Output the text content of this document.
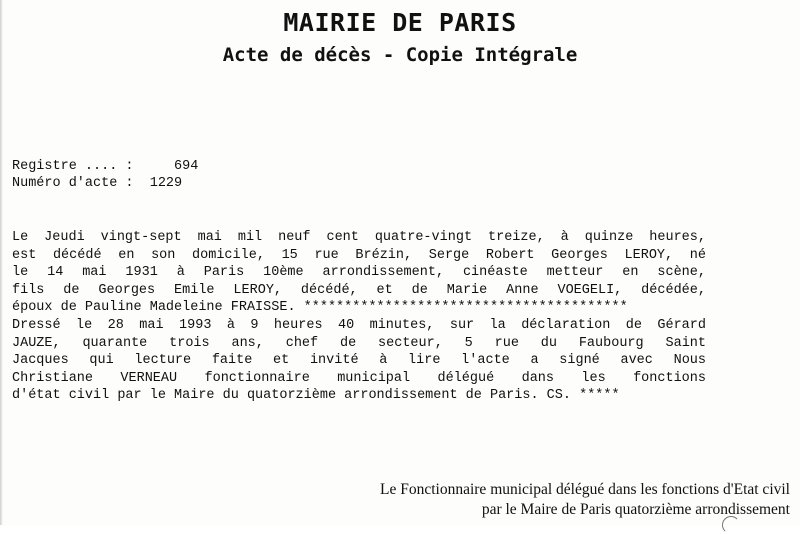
MAIRIE DE PARIS
Acte de décès - Copie Intégrale
Registre .... :	694
Numéro d'acte : 1229
Le Jeudi vingt-sept mai mil neuf cent quatre-vingt treize, à quinze heures,
est décédé en son domicile, 15 rue Brézin, Serge Robert Georges LEROY, né
le 14 mai 1931 à Paris 10ème arrondissement, cinéaste metteur en scène,
fils de Georges Emile LEROY, décédé, et de Marie Anne VOEGELI, décédée,
époux de Pauline Madeleine FRAISSE. ****************************************
Dressé le 28 mai 1993 à 9 heures 40 minutes, sur la déclaration de Gérard
JAUZE, quarante trois ans, chef de secteur, 5 rue du Faubourg Saint
Jacques qui lecture faite et invité à lire l'acte a signé avec Nous
Christiane VERNEAU fonctionnaire municipal délégué dans les fonctions
d'état civil par le Maire du quatorzième arrondissement de Paris. CS. *****
Le Fonctionnaire municipal délégué dans les fonctions d'Etat civil
par le Maire de Paris quatorzième arrondissement
